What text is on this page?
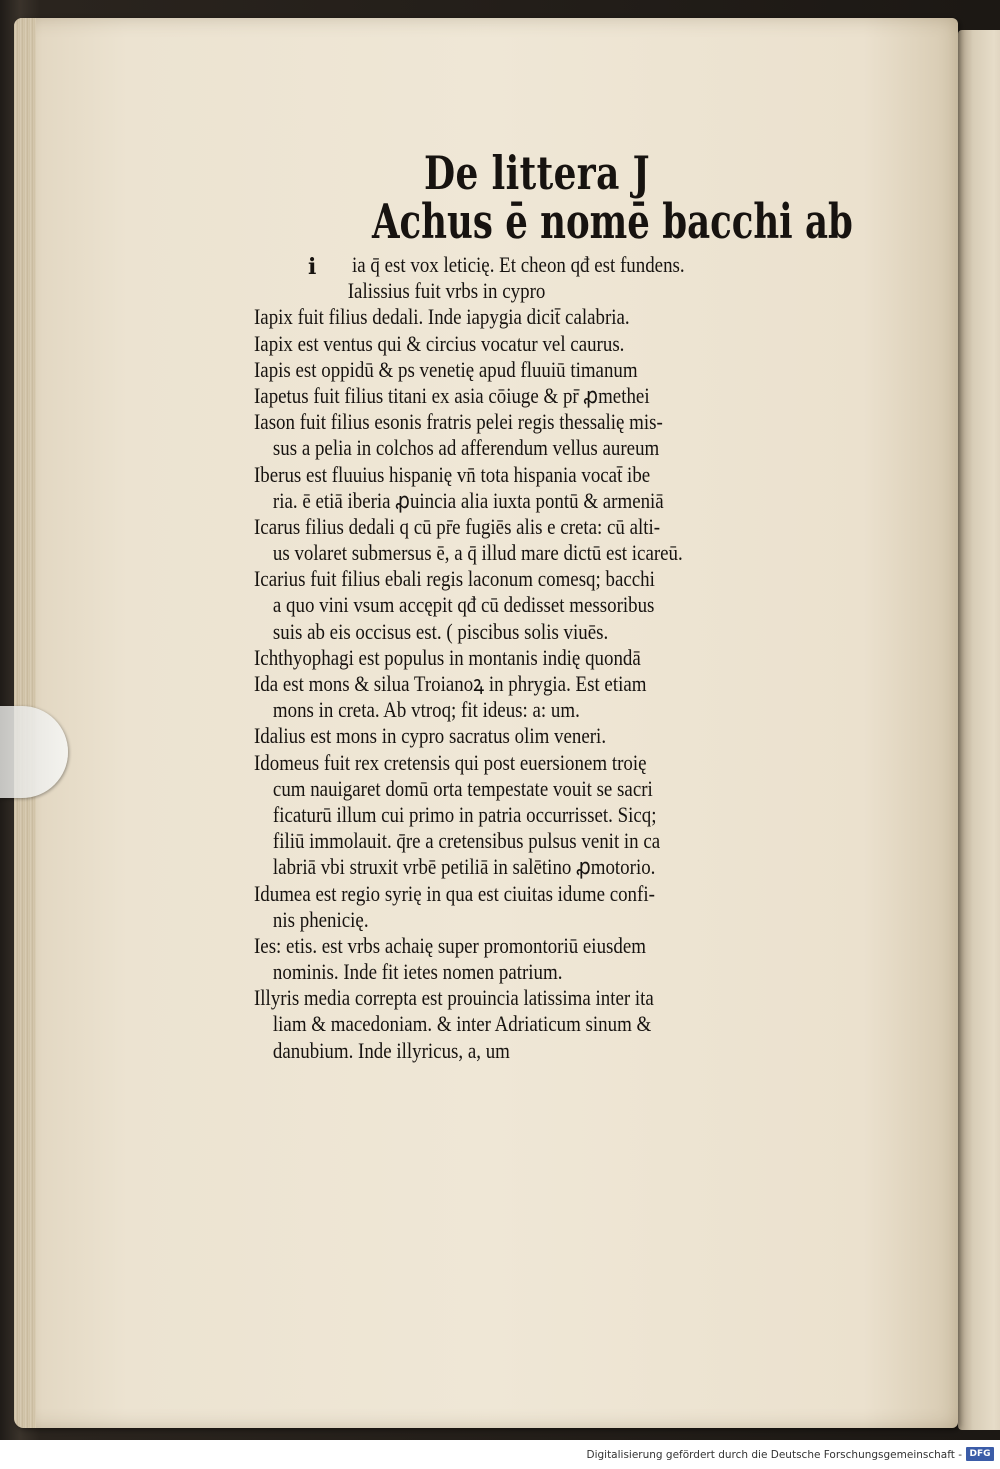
De littera J
Achus ē nomē bacchi ab
i	ia q̄ est vox leticię. Et cheon qđ est fundens.
Ialissius fuit vrbs in cypro
Iapix fuit filius dedali. Inde iapygia dicit̄ calabria.
Iapix est ventus qui & circius vocatur vel caurus.
Iapis est oppidū & ps venetię apud fluuiū timanum
Iapetus fuit filius titani ex asia cōiuge & pr̄ ꝓmethei
Iason fuit filius esonis fratris pelei regis thessalię mis-
sus a pelia in colchos ad afferendum vellus aureum
Iberus est fluuius hispanię vn̄ tota hispania vocat̄ ibe
ria. ē etiā iberia ꝓuincia alia iuxta pontū & armeniā
Icarus filius dedali q cū pr̄e fugiēs alis e creta: cū alti-
us volaret submersus ē, a q̄ illud mare dictū est icareū.
Icarius fuit filius ebali regis laconum comesq; bacchi
a quo vini vsum accępit qđ cū dedisset messoribus
suis ab eis occisus est. ( piscibus solis viuēs.
Ichthyophagi est populus in montanis indię quondā
Ida est mons & silua Troianoꝝ in phrygia. Est etiam
mons in creta. Ab vtroq; fit ideus: a: um.
Idalius est mons in cypro sacratus olim veneri.
Idomeus fuit rex cretensis qui post euersionem troię
cum nauigaret domū orta tempestate vouit se sacri
ficaturū illum cui primo in patria occurrisset. Sicq;
filiū immolauit. q̄re a cretensibus pulsus venit in ca
labriā vbi struxit vrbē petiliā in salētino ꝓmotorio.
Idumea est regio syrię in qua est ciuitas idume confi-
nis phenicię.
Ies: etis. est vrbs achaię super promontoriū eiusdem
nominis. Inde fit ietes nomen patrium.
Illyris media correpta est prouincia latissima inter ita
liam & macedoniam. & inter Adriaticum sinum &
danubium. Inde illyricus, a, um
Digitalisierung gefördert durch die Deutsche Forschungsgemeinschaft - DFG
